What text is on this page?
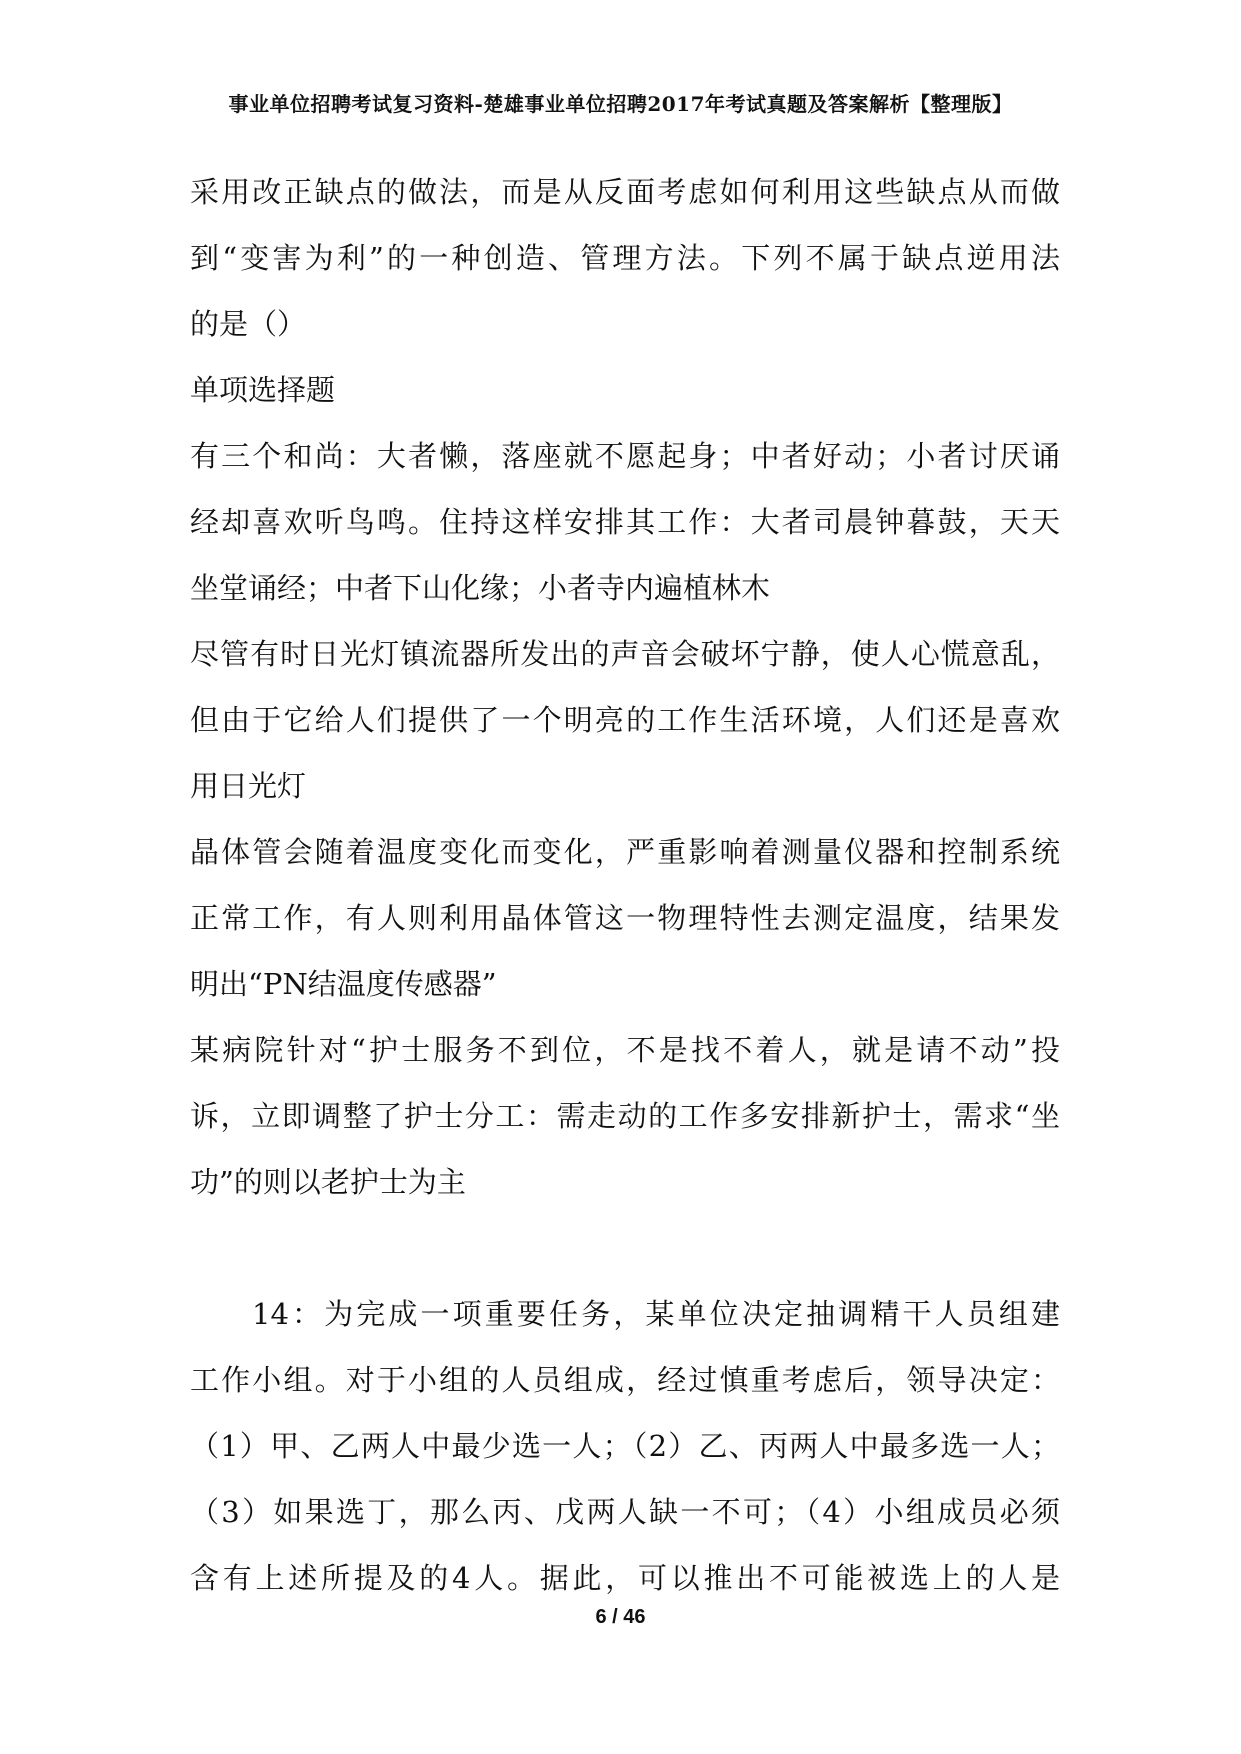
事业单位招聘考试复习资料-楚雄事业单位招聘2017年考试真题及答案解析【整理版】
采用改正缺点的做法，而是从反面考虑如何利用这些缺点从而做
到“变害为利”的一种创造、管理方法。下列不属于缺点逆用法
的是（）
单项选择题
有三个和尚：大者懒，落座就不愿起身；中者好动；小者讨厌诵
经却喜欢听鸟鸣。住持这样安排其工作：大者司晨钟暮鼓，天天
坐堂诵经；中者下山化缘；小者寺内遍植林木
尽管有时日光灯镇流器所发出的声音会破坏宁静，使人心慌意乱，
但由于它给人们提供了一个明亮的工作生活环境，人们还是喜欢
用日光灯
晶体管会随着温度变化而变化，严重影响着测量仪器和控制系统
正常工作，有人则利用晶体管这一物理特性去测定温度，结果发
明出“PN结温度传感器”
某病院针对“护士服务不到位，不是找不着人，就是请不动”投
诉，立即调整了护士分工：需走动的工作多安排新护士，需求“坐
功”的则以老护士为主
14：为完成一项重要任务，某单位决定抽调精干人员组建
工作小组。对于小组的人员组成，经过慎重考虑后，领导决定：
（1）甲、乙两人中最少选一人；（2）乙、丙两人中最多选一人；
（3）如果选丁，那么丙、戊两人缺一不可；（4）小组成员必须
含有上述所提及的4人。据此，可以推出不可能被选上的人是
6 / 46
